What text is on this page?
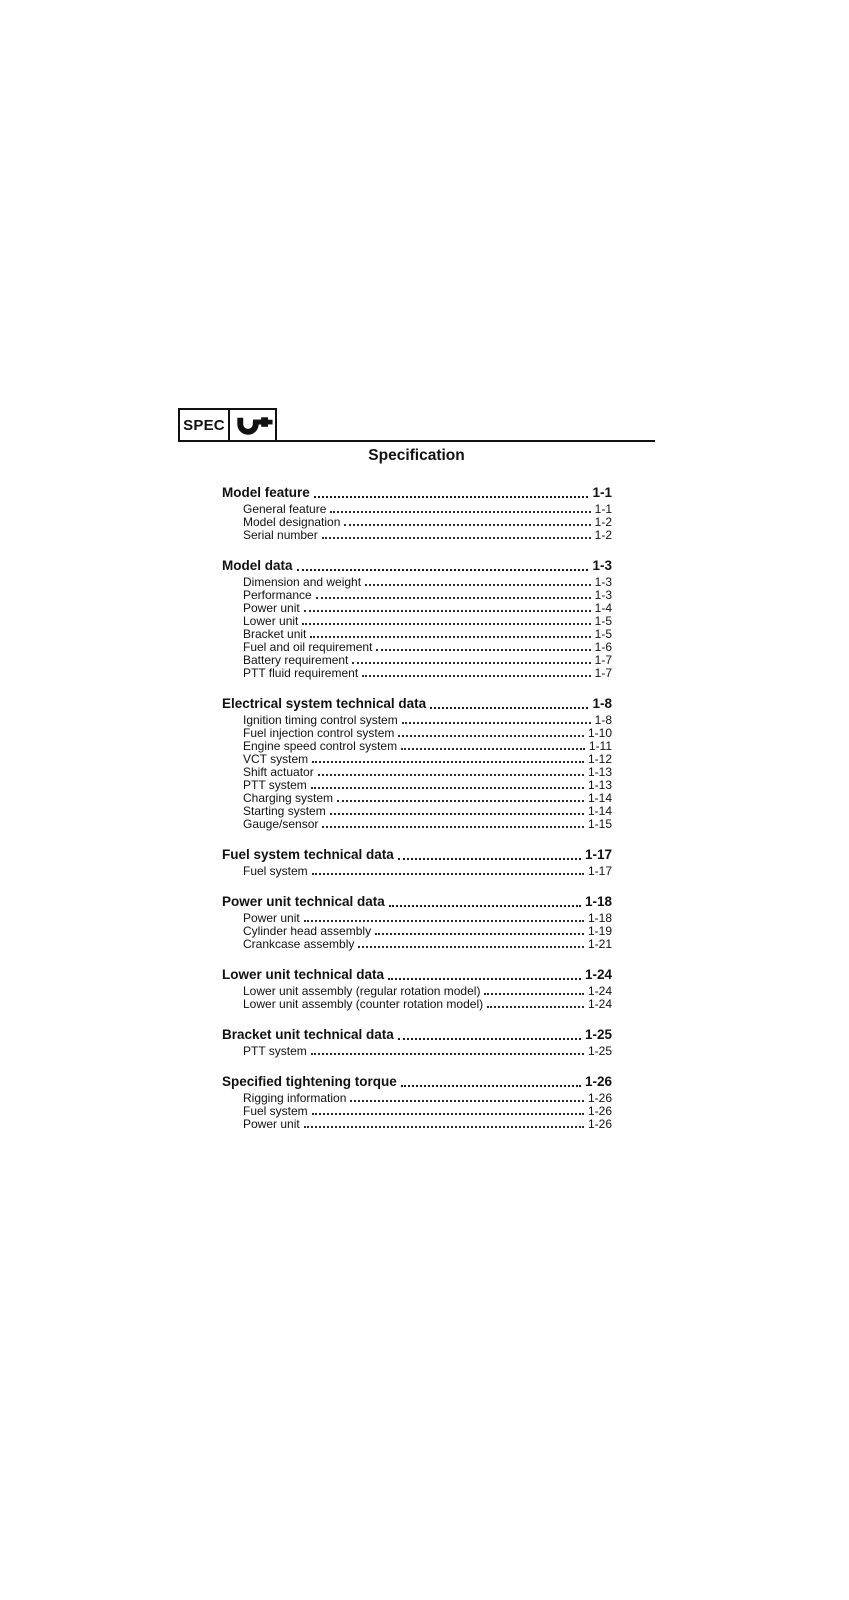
SPEC
Specification
Model feature	1-1
General feature	1-1
Model designation	1-2
Serial number	1-2
Model data	1-3
Dimension and weight	1-3
Performance	1-3
Power unit	1-4
Lower unit	1-5
Bracket unit	1-5
Fuel and oil requirement	1-6
Battery requirement	1-7
PTT fluid requirement	1-7
Electrical system technical data	1-8
Ignition timing control system	1-8
Fuel injection control system	1-10
Engine speed control system	1-11
VCT system	1-12
Shift actuator	1-13
PTT system	1-13
Charging system	1-14
Starting system	1-14
Gauge/sensor	1-15
Fuel system technical data	1-17
Fuel system	1-17
Power unit technical data	1-18
Power unit	1-18
Cylinder head assembly	1-19
Crankcase assembly	1-21
Lower unit technical data	1-24
Lower unit assembly (regular rotation model)	1-24
Lower unit assembly (counter rotation model)	1-24
Bracket unit technical data	1-25
PTT system	1-25
Specified tightening torque	1-26
Rigging information	1-26
Fuel system	1-26
Power unit	1-26
